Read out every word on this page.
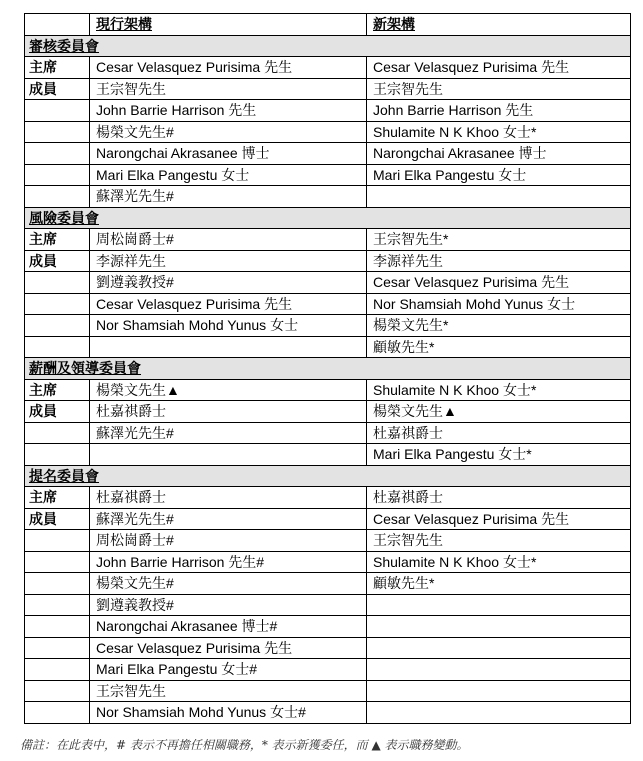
	現行架構	新架構
審核委員會		
主席	Cesar Velasquez Purisima 先生	Cesar Velasquez Purisima 先生
成員	王宗智先生	王宗智先生
	John Barrie Harrison 先生	John Barrie Harrison 先生
	楊榮文先生#	Shulamite N K Khoo 女士*
	Narongchai Akrasanee 博士	Narongchai Akrasanee 博士
	Mari Elka Pangestu 女士	Mari Elka Pangestu 女士
	蘇澤光先生#	
風險委員會		
主席	周松崗爵士#	王宗智先生*
成員	李源祥先生	李源祥先生
	劉遵義教授#	Cesar Velasquez Purisima 先生
	Cesar Velasquez Purisima 先生	Nor Shamsiah Mohd Yunus 女士
	Nor Shamsiah Mohd Yunus 女士	楊榮文先生*
		顧敏先生*
薪酬及領導委員會		
主席	楊榮文先生▲	Shulamite N K Khoo 女士*
成員	杜嘉祺爵士	楊榮文先生▲
	蘇澤光先生#	杜嘉祺爵士
		Mari Elka Pangestu 女士*
提名委員會		
主席	杜嘉祺爵士	杜嘉祺爵士
成員	蘇澤光先生#	Cesar Velasquez Purisima 先生
	周松崗爵士#	王宗智先生
	John Barrie Harrison 先生#	Shulamite N K Khoo 女士*
	楊榮文先生#	顧敏先生*
	劉遵義教授#	
	Narongchai Akrasanee 博士#	
	Cesar Velasquez Purisima 先生	
	Mari Elka Pangestu 女士#	
	王宗智先生	
	Nor Shamsiah Mohd Yunus 女士#	
備註：在此表中，# 表示不再擔任相關職務，* 表示新獲委任，而 ▲ 表示職務變動。
